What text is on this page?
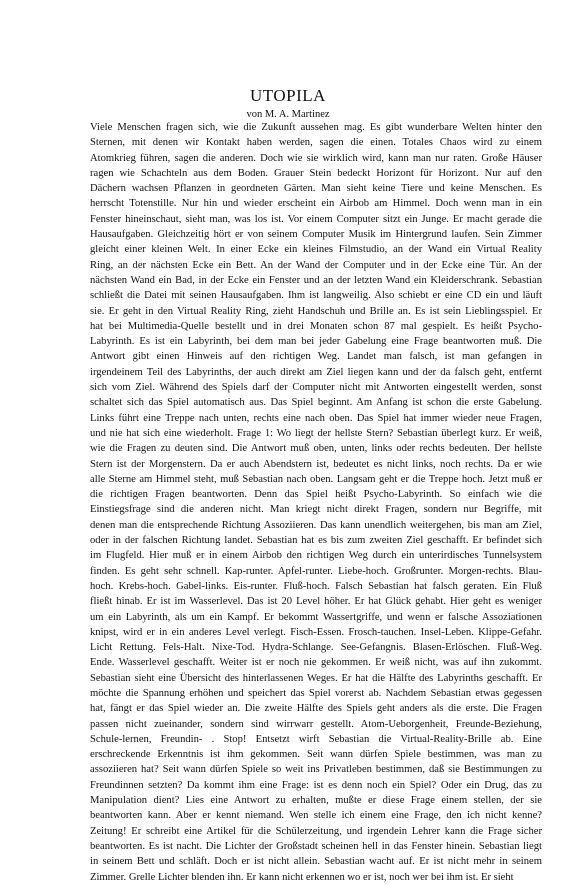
UTOPILA
von M. A. Martinez

Viele Menschen fragen sich, wie die Zukunft aussehen mag. Es gibt wunderbare Welten hinter den

Sternen, mit denen wir Kontakt haben werden, sagen die einen. Totales Chaos wird zu einem

Atomkrieg führen, sagen die anderen. Doch wie sie wirklich wird, kann man nur raten. Große Häuser

ragen wie Schachteln aus dem Boden. Grauer Stein bedeckt Horizont für Horizont. Nur auf den

Dächern wachsen Pflanzen in geordneten Gärten. Man sieht keine Tiere und keine Menschen. Es

herrscht Totenstille. Nur hin und wieder erscheint ein Airbob am Himmel. Doch wenn man in ein

Fenster hineinschaut, sieht man, was los ist. Vor einem Computer sitzt ein Junge. Er macht gerade die

Hausaufgaben. Gleichzeitig hört er von seinem Computer Musik im Hintergrund laufen. Sein Zimmer

gleicht einer kleinen Welt. In einer Ecke ein kleines Filmstudio, an der Wand ein Virtual Reality

Ring, an der nächsten Ecke ein Bett. An der Wand der Computer und in der Ecke eine Tür. An der

nächsten Wand ein Bad, in der Ecke ein Fenster und an der letzten Wand ein Kleiderschrank. Sebastian

schließt die Datei mit seinen Hausaufgaben. Ihm ist langweilig. Also schiebt er eine CD ein und läuft

sie. Er geht in den Virtual Reality Ring, zieht Handschuh und Brille an. Es ist sein Lieblingsspiel. Er

hat bei Multimedia-Quelle bestellt und in drei Monaten schon 87 mal gespielt. Es heißt Psycho-

Labyrinth. Es ist ein Labyrinth, bei dem man bei jeder Gabelung eine Frage beantworten muß. Die

Antwort gibt einen Hinweis auf den richtigen Weg. Landet man falsch, ist man gefangen in

irgendeinem Teil des Labyrinths, der auch direkt am Ziel liegen kann und der da falsch geht, entfernt

sich vom Ziel. Während des Spiels darf der Computer nicht mit Antworten eingestellt werden, sonst

schaltet sich das Spiel automatisch aus. Das Spiel beginnt. Am Anfang ist schon die erste Gabelung.

Links führt eine Treppe nach unten, rechts eine nach oben. Das Spiel hat immer wieder neue Fragen,

und nie hat sich eine wiederholt. Frage 1: Wo liegt der hellste Stern? Sebastian überlegt kurz. Er weiß,

wie die Fragen zu deuten sind. Die Antwort muß oben, unten, links oder rechts bedeuten. Der hellste

Stern ist der Morgenstern. Da er auch Abendstern ist, bedeutet es nicht links, noch rechts. Da er wie

alle Sterne am Himmel steht, muß Sebastian nach oben. Langsam geht er die Treppe hoch. Jetzt muß er

die richtigen Fragen beantworten. Denn das Spiel heißt Psycho-Labyrinth. So einfach wie die

Einstiegsfrage sind die anderen nicht. Man kriegt nicht direkt Fragen, sondern nur Begriffe, mit

denen man die entsprechende Richtung Assoziieren. Das kann unendlich weitergehen, bis man am Ziel,

oder in der falschen Richtung landet. Sebastian hat es bis zum zweiten Ziel geschafft. Er befindet sich

im Flugfeld. Hier muß er in einem Airbob den richtigen Weg durch ein unterirdisches Tunnelsystem

finden. Es geht sehr schnell. Kap-runter. Apfel-runter. Liebe-hoch. Großrunter. Morgen-rechts. Blau-

hoch. Krebs-hoch. Gabel-links. Eis-runter. Fluß-hoch. Falsch Sebastian hat falsch geraten. Ein Fluß

fließt hinab. Er ist im Wasserlevel. Das ist 20 Level höher. Er hat Glück gehabt. Hier geht es weniger

um ein Labyrinth, als um ein Kampf. Er bekommt Wassertgriffe, und wenn er falsche Assoziationen

knipst, wird er in ein anderes Level verlegt. Fisch-Essen. Frosch-tauchen. Insel-Leben. Klippe-Gefahr.

Licht Rettung. Fels-Halt. Nixe-Tod. Hydra-Schlange. See-Gefangnis. Blasen-Erlöschen. Fluß-Weg.

Ende. Wasserlevel geschafft. Weiter ist er noch nie gekommen. Er weiß nicht, was auf ihn zukommt.

Sebastian sieht eine Übersicht des hinterlassenen Weges. Er hat die Hälfte des Labyrinths geschafft. Er

möchte die Spannung erhöhen und speichert das Spiel vorerst ab. Nachdem Sebastian etwas gegessen

hat, fängt er das Spiel wieder an. Die zweite Hälfte des Spiels geht anders als die erste. Die Fragen

passen nicht zueinander, sondern sind wirrwarr gestellt. Atom-Ueborgenheit, Freunde-Beziehung,

Schule-lernen, Freundin- . Stop! Entsetzt wirft Sebastian die Virtual-Reality-Brille ab. Eine

erschreckende Erkenntnis ist ihm gekommen. Seit wann dürfen Spiele bestimmen, was man zu

assoziieren hat? Seit wann dürfen Spiele so weit ins Privatleben bestimmen, daß sie Bestimmungen zu

Freundinnen setzten? Da kommt ihm eine Frage: ist es denn noch ein Spiel? Oder ein Drug, das zu

Manipulation dient? Lies eine Antwort zu erhalten, mußte er diese Frage einem stellen, der sie

beantworten kann. Aber er kennt niemand. Wen stelle ich einem eine Frage, den ich nicht kenne?

Zeitung! Er schreibt eine Artikel für die Schülerzeitung, und irgendein Lehrer kann die Frage sicher

beantworten. Es ist nacht. Die Lichter der Großstadt scheinen hell in das Fenster hinein. Sebastian liegt

in seinem Bett und schläft. Doch er ist nicht allein. Sebastian wacht auf. Er ist nicht mehr in seinem

Zimmer. Grelle Lichter blenden ihn. Er kann nicht erkennen wo er ist, noch wer bei ihm ist. Er sieht
